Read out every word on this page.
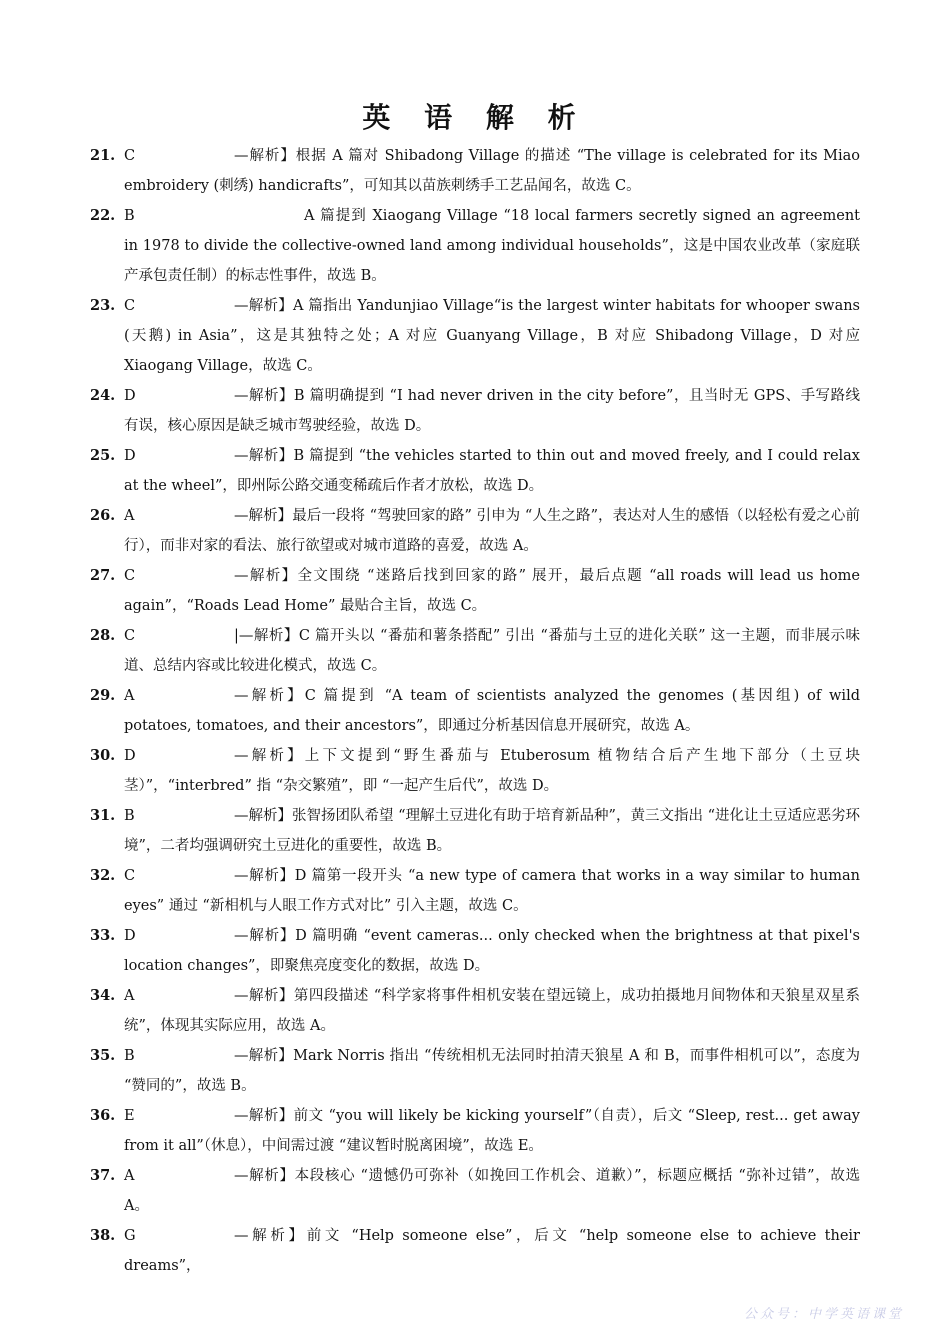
英 语 解 析
21. C	—解析】根据 A 篇对 Shibadong Village 的描述 “The village is celebrated for its Miao embroidery (刺绣) handicrafts”，可知其以苗族刺绣手工艺品闻名，故选 C。
22. B	A 篇提到 Xiaogang Village “18 local farmers secretly signed an agreement in 1978 to divide the collective-owned land among individual households”，这是中国农业改革（家庭联产承包责任制）的标志性事件，故选 B。
23. C	—解析】A 篇指出 Yandunjiao Village“is the largest winter habitats for whooper swans (天鹅) in Asia”，这是其独特之处；A 对应 Guanyang Village，B 对应 Shibadong Village，D 对应 Xiaogang Village，故选 C。
24. D	—解析】B 篇明确提到 “I had never driven in the city before”，且当时无 GPS、手写路线有误，核心原因是缺乏城市驾驶经验，故选 D。
25. D	—解析】B 篇提到 “the vehicles started to thin out and moved freely, and I could relax at the wheel”，即州际公路交通变稀疏后作者才放松，故选 D。
26. A	—解析】最后一段将 “驾驶回家的路” 引申为 “人生之路”，表达对人生的感悟（以轻松有爱之心前行），而非对家的看法、旅行欲望或对城市道路的喜爱，故选 A。
27. C	—解析】全文围绕 “迷路后找到回家的路” 展开，最后点题 “all roads will lead us home again”，“Roads Lead Home” 最贴合主旨，故选 C。
28. C	|—解析】C 篇开头以 “番茄和薯条搭配” 引出 “番茄与土豆的进化关联” 这一主题，而非展示味道、总结内容或比较进化模式，故选 C。
29. A	—解析】C 篇提到 “A team of scientists analyzed the genomes (基因组) of wild potatoes, tomatoes, and their ancestors”，即通过分析基因信息开展研究，故选 A。
30. D	—解析】上下文提到“野生番茄与 Etuberosum 植物结合后产生地下部分（土豆块茎）”，“interbred” 指 “杂交繁殖”，即 “一起产生后代”，故选 D。
31. B	—解析】张智扬团队希望 “理解土豆进化有助于培育新品种”，黄三文指出 “进化让土豆适应恶劣环境”，二者均强调研究土豆进化的重要性，故选 B。
32. C	—解析】D 篇第一段开头 “a new type of camera that works in a way similar to human eyes” 通过 “新相机与人眼工作方式对比” 引入主题，故选 C。
33. D	—解析】D 篇明确 “event cameras... only checked when the brightness at that pixel's location changes”，即聚焦亮度变化的数据，故选 D。
34. A	—解析】第四段描述 “科学家将事件相机安装在望远镜上，成功拍摄地月间物体和天狼星双星系统”，体现其实际应用，故选 A。
35. B	—解析】Mark Norris 指出 “传统相机无法同时拍清天狼星 A 和 B，而事件相机可以”，态度为 “赞同的”，故选 B。
36. E	—解析】前文 “you will likely be kicking yourself”（自责），后文 “Sleep, rest... get away from it all”（休息），中间需过渡 “建议暂时脱离困境”，故选 E。
37. A	—解析】本段核心 “遗憾仍可弥补（如挽回工作机会、道歉）”，标题应概括 “弥补过错”，故选 A。
38. G	—解析】前文 “Help someone else”，后文 “help someone else to achieve their dreams”，
公众号：中学英语课堂
